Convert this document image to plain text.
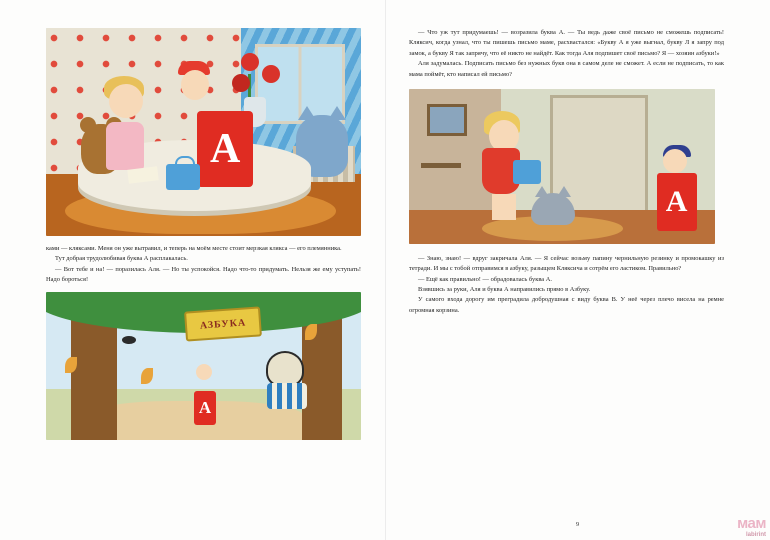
А

ками — кляксами. Меня он уже вытравил, и теперь на моём месте стоит мерзкая клякса — его племянника.

Тут добрая трудолюбивая буква А расплакалась.

— Вот тебе и на! — поразилась Аля. — Но ты успокойся. Надо что-то придумать. Нельзя же ему уступать! Надо бороться!

АЗБУКА
А

— Что уж тут придумаешь! — возразила буква А. — Ты ведь даже своё письмо не сможешь подписать! Кляксич, когда узнал, что ты пишешь письмо маме, расхвастался: «Букву А я уже выгнал, букву Л я запру под замок, а букву Я так запрячу, что её никто не найдёт. Как тогда Аля подпишет своё письмо? Я — хозяин азбуки!»

Аля задумалась. Подписать письмо без нужных букв она в самом деле не сможет. А если не подписать, то как мама поймёт, кто написал ей письмо?

А

— Знаю, знаю! — вдруг закричала Аля. — Я сейчас возьму папину чернильную резинку и промокашку из тетради. И мы с тобой отправимся в азбуку, разыщем Кляксича и сотрём его ластиком. Правильно?

— Ещё как правильно! — обрадовалась буква А.

Взявшись за руки, Аля и буква А направились прямо в Азбуку.

У самого входа дорогу им преградила добродушная с виду буква В. У неё через плечо висела на ремне огромная корзина.

9	мам
labirint
